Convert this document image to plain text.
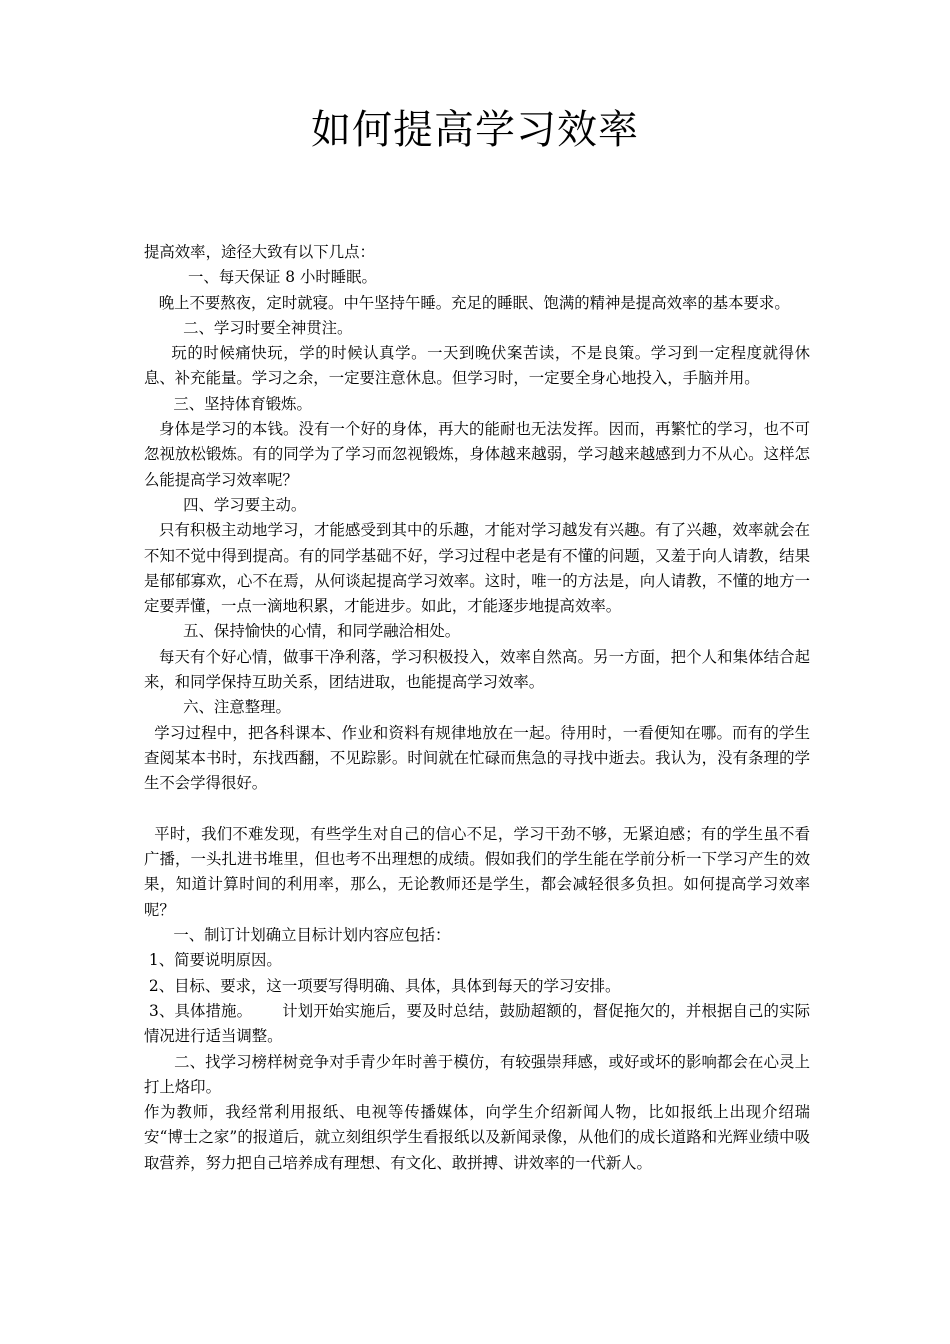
如何提高学习效率

提高效率，途径大致有以下几点：

一、每天保证 8 小时睡眠。

晚上不要熬夜，定时就寝。中午坚持午睡。充足的睡眠、饱满的精神是提高效率的基本要求。

二、学习时要全神贯注。

玩的时候痛快玩，学的时候认真学。一天到晚伏案苦读，不是良策。学习到一定程度就得休息、补充能量。学习之余，一定要注意休息。但学习时，一定要全身心地投入，手脑并用。

三、坚持体育锻炼。

身体是学习的本钱。没有一个好的身体，再大的能耐也无法发挥。因而，再繁忙的学习，也不可忽视放松锻炼。有的同学为了学习而忽视锻炼，身体越来越弱，学习越来越感到力不从心。这样怎么能提高学习效率呢？

四、学习要主动。

只有积极主动地学习，才能感受到其中的乐趣，才能对学习越发有兴趣。有了兴趣，效率就会在不知不觉中得到提高。有的同学基础不好，学习过程中老是有不懂的问题，又羞于向人请教，结果是郁郁寡欢，心不在焉，从何谈起提高学习效率。这时，唯一的方法是，向人请教，不懂的地方一定要弄懂，一点一滴地积累，才能进步。如此，才能逐步地提高效率。

五、保持愉快的心情，和同学融洽相处。

每天有个好心情，做事干净利落，学习积极投入，效率自然高。另一方面，把个人和集体结合起来，和同学保持互助关系，团结进取，也能提高学习效率。

六、注意整理。

学习过程中，把各科课本、作业和资料有规律地放在一起。待用时，一看便知在哪。而有的学生查阅某本书时，东找西翻，不见踪影。时间就在忙碌而焦急的寻找中逝去。我认为，没有条理的学生不会学得很好。

平时，我们不难发现，有些学生对自己的信心不足，学习干劲不够，无紧迫感；有的学生虽不看广播，一头扎进书堆里，但也考不出理想的成绩。假如我们的学生能在学前分析一下学习产生的效果，知道计算时间的利用率，那么，无论教师还是学生，都会减轻很多负担。如何提高学习效率呢？

一、制订计划确立目标计划内容应包括：

1、简要说明原因。

2、目标、要求，这一项要写得明确、具体，具体到每天的学习安排。

3、具体措施。      计划开始实施后，要及时总结，鼓励超额的，督促拖欠的，并根据自己的实际情况进行适当调整。

二、找学习榜样树竞争对手青少年时善于模仿，有较强崇拜感，或好或坏的影响都会在心灵上打上烙印。

作为教师，我经常利用报纸、电视等传播媒体，向学生介绍新闻人物，比如报纸上出现介绍瑞安“博士之家”的报道后，就立刻组织学生看报纸以及新闻录像，从他们的成长道路和光辉业绩中吸取营养，努力把自己培养成有理想、有文化、敢拼搏、讲效率的一代新人。
